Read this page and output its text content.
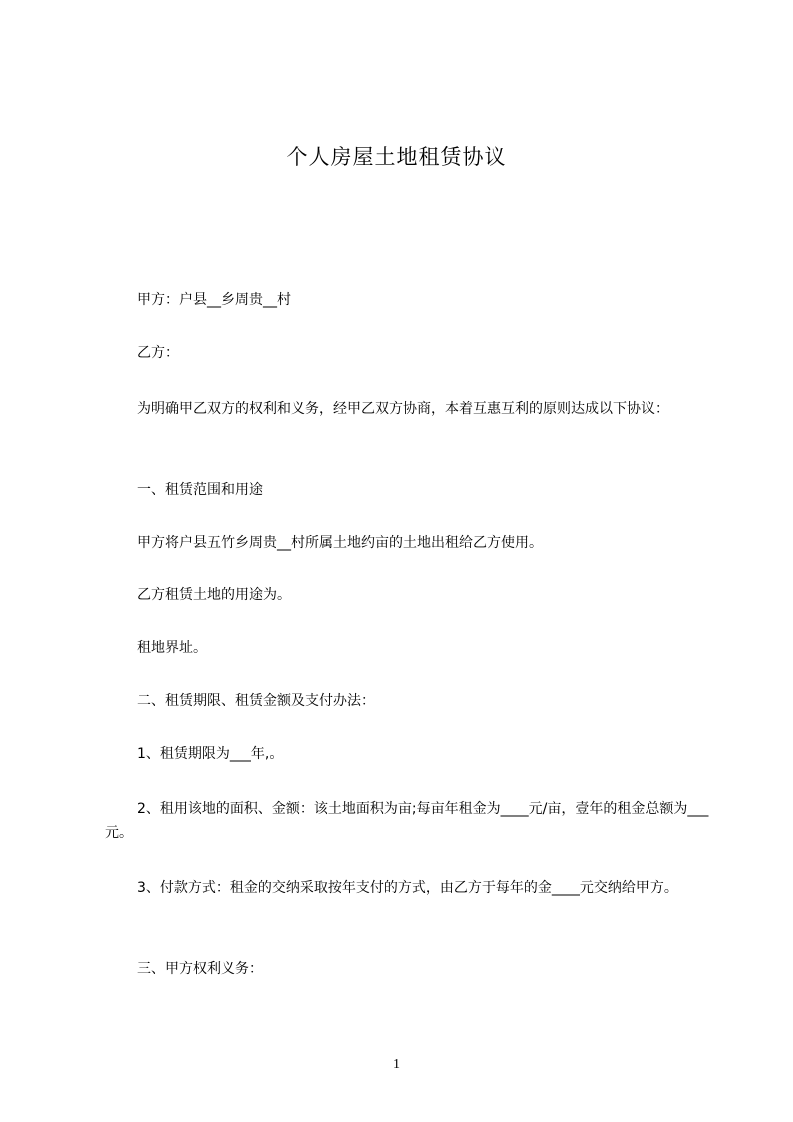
个人房屋土地租赁协议

甲方：户县__乡周贵__村

乙方：

为明确甲乙双方的权利和义务，经甲乙双方协商，本着互惠互利的原则达成以下协议：

一、租赁范围和用途

甲方将户县五竹乡周贵__村所属土地约亩的土地出租给乙方使用。

乙方租赁土地的用途为。

租地界址。

二、租赁期限、租赁金额及支付办法：

1、租赁期限为___年,。

2、租用该地的面积、金额：该土地面积为亩;每亩年租金为____元/亩，壹年的租金总额为___元。

3、付款方式：租金的交纳采取按年支付的方式，由乙方于每年的金____元交纳给甲方。

三、甲方权利义务：

1
